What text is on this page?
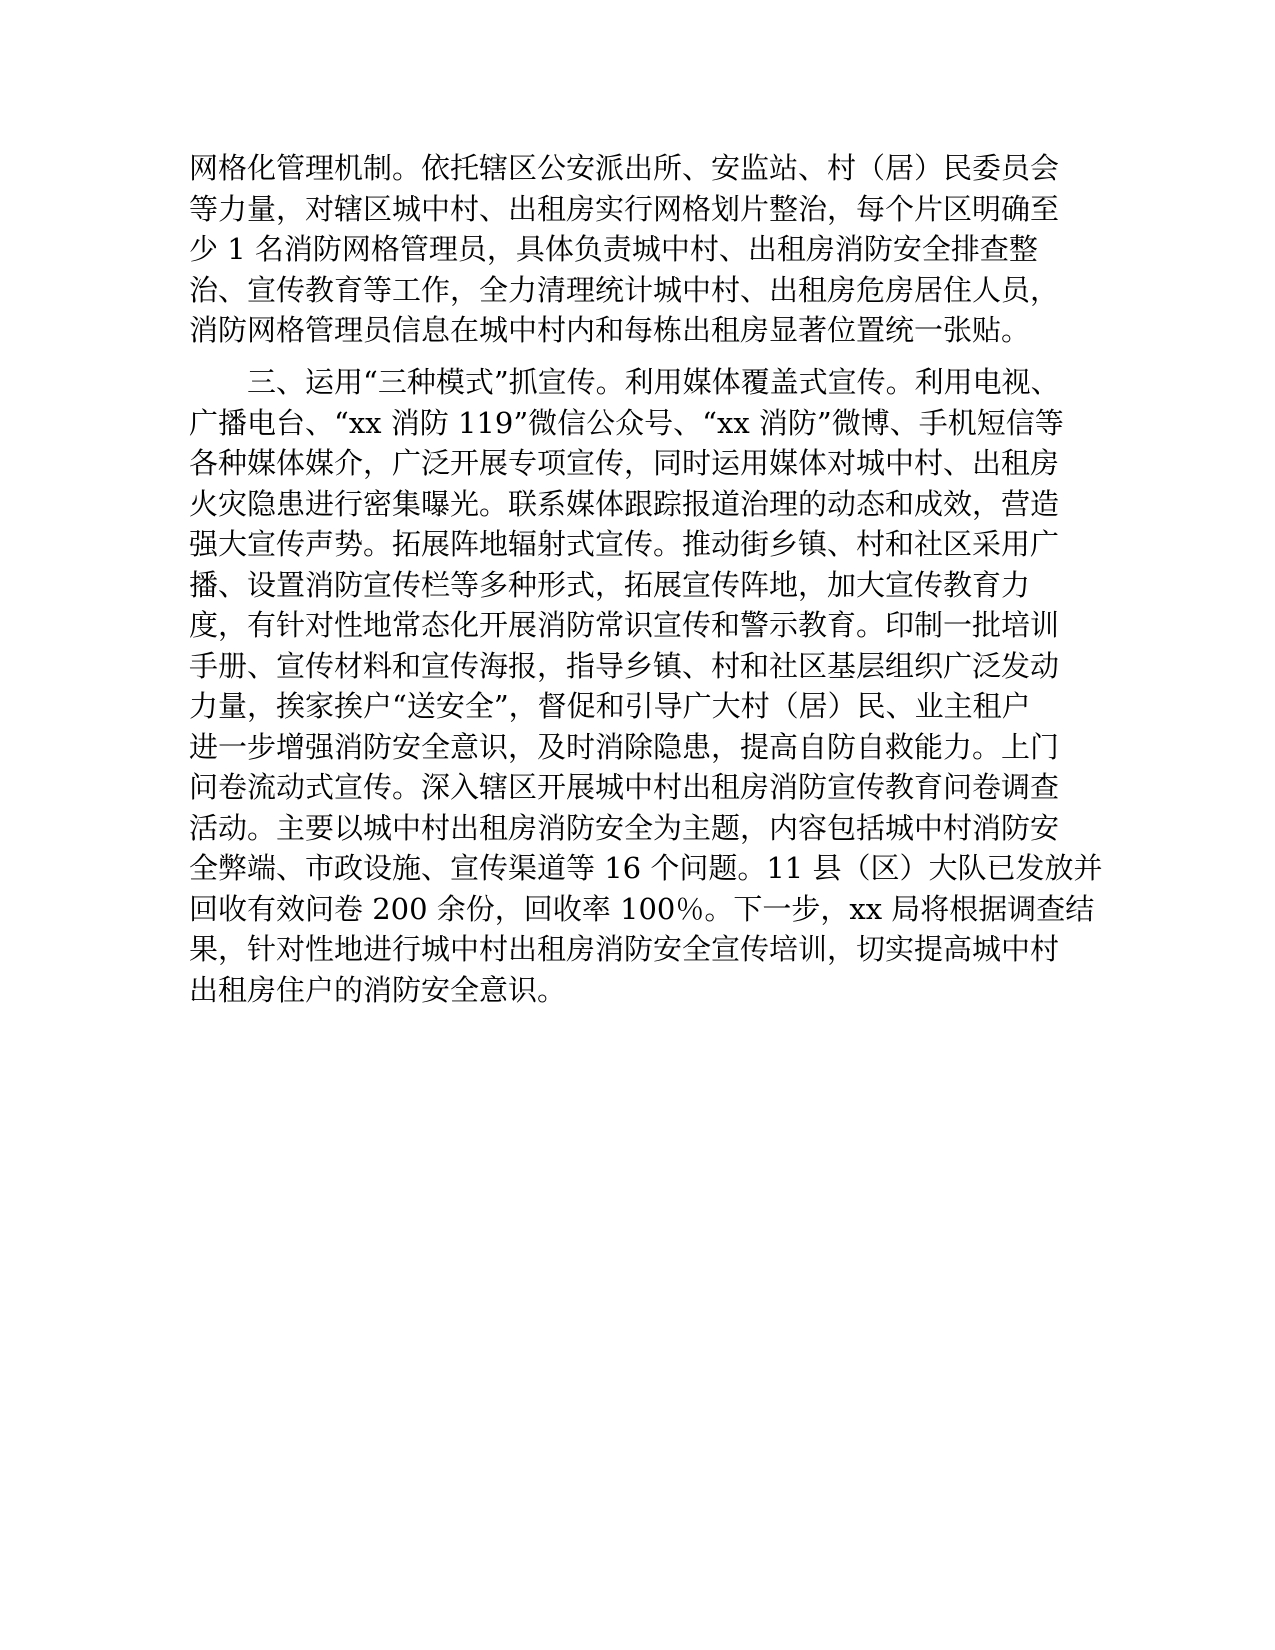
网格化管理机制。依托辖区公安派出所、安监站、村（居）民委员会
等力量，对辖区城中村、出租房实行网格划片整治，每个片区明确至
少 1 名消防网格管理员，具体负责城中村、出租房消防安全排查整
治、宣传教育等工作，全力清理统计城中村、出租房危房居住人员，
消防网格管理员信息在城中村内和每栋出租房显著位置统一张贴。
　　三、运用“三种模式”抓宣传。利用媒体覆盖式宣传。利用电视、
广播电台、“xx 消防 119”微信公众号、“xx 消防”微博、手机短信等
各种媒体媒介，广泛开展专项宣传，同时运用媒体对城中村、出租房
火灾隐患进行密集曝光。联系媒体跟踪报道治理的动态和成效，营造
强大宣传声势。拓展阵地辐射式宣传。推动街乡镇、村和社区采用广
播、设置消防宣传栏等多种形式，拓展宣传阵地，加大宣传教育力
度，有针对性地常态化开展消防常识宣传和警示教育。印制一批培训
手册、宣传材料和宣传海报，指导乡镇、村和社区基层组织广泛发动
力量，挨家挨户“送安全”，督促和引导广大村（居）民、业主租户
进一步增强消防安全意识，及时消除隐患，提高自防自救能力。上门
问卷流动式宣传。深入辖区开展城中村出租房消防宣传教育问卷调查
活动。主要以城中村出租房消防安全为主题，内容包括城中村消防安
全弊端、市政设施、宣传渠道等 16 个问题。11 县（区）大队已发放并
回收有效问卷 200 余份，回收率 100％。下一步，xx 局将根据调查结
果，针对性地进行城中村出租房消防安全宣传培训，切实提高城中村
出租房住户的消防安全意识。
